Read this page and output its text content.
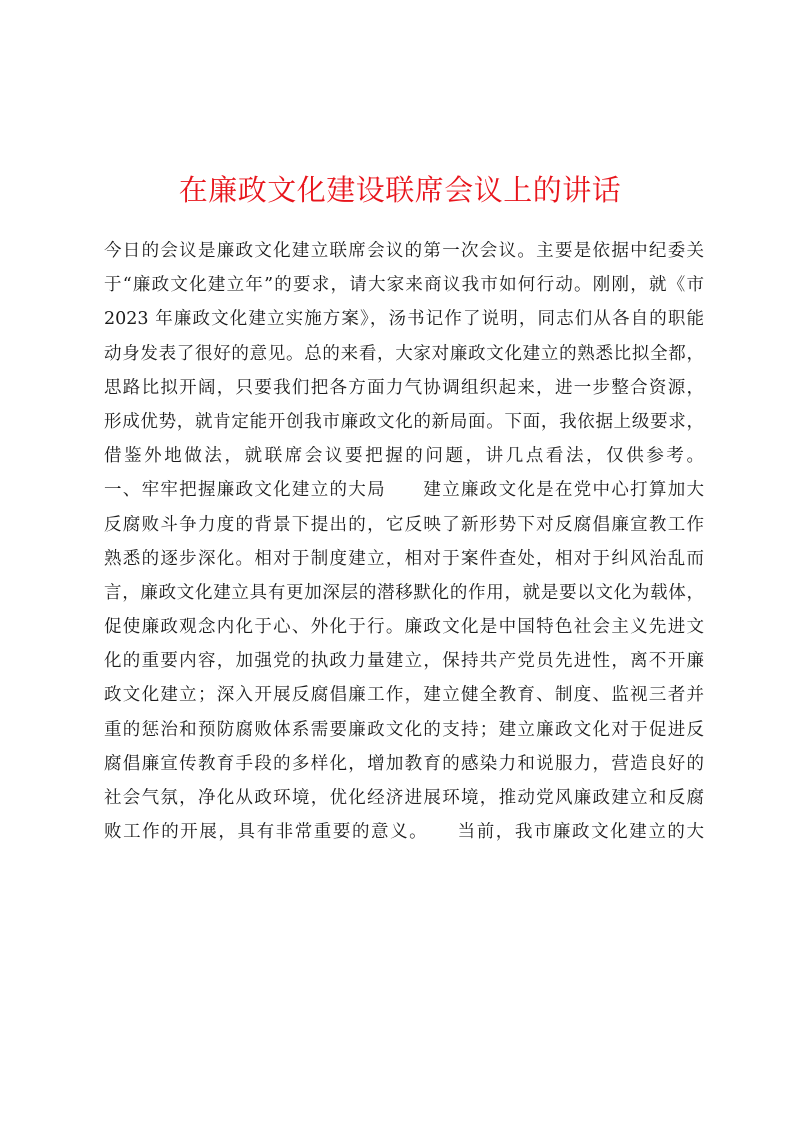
在廉政文化建设联席会议上的讲话
今日的会议是廉政文化建立联席会议的第一次会议。主要是依据中纪委关
于“廉政文化建立年”的要求，请大家来商议我市如何行动。刚刚，就《市
2023 年廉政文化建立实施方案》，汤书记作了说明，同志们从各自的职能
动身发表了很好的意见。总的来看，大家对廉政文化建立的熟悉比拟全都，
思路比拟开阔，只要我们把各方面力气协调组织起来，进一步整合资源，
形成优势，就肯定能开创我市廉政文化的新局面。下面，我依据上级要求，
借鉴外地做法，就联席会议要把握的问题，讲几点看法，仅供参考。
一、牢牢把握廉政文化建立的大局　　建立廉政文化是在党中心打算加大
反腐败斗争力度的背景下提出的，它反映了新形势下对反腐倡廉宣教工作
熟悉的逐步深化。相对于制度建立，相对于案件查处，相对于纠风治乱而
言，廉政文化建立具有更加深层的潜移默化的作用，就是要以文化为载体，
促使廉政观念内化于心、外化于行。廉政文化是中国特色社会主义先进文
化的重要内容，加强党的执政力量建立，保持共产党员先进性，离不开廉
政文化建立；深入开展反腐倡廉工作，建立健全教育、制度、监视三者并
重的惩治和预防腐败体系需要廉政文化的支持；建立廉政文化对于促进反
腐倡廉宣传教育手段的多样化，增加教育的感染力和说服力，营造良好的
社会气氛，净化从政环境，优化经济进展环境，推动党风廉政建立和反腐
败工作的开展，具有非常重要的意义。　　当前，我市廉政文化建立的大
